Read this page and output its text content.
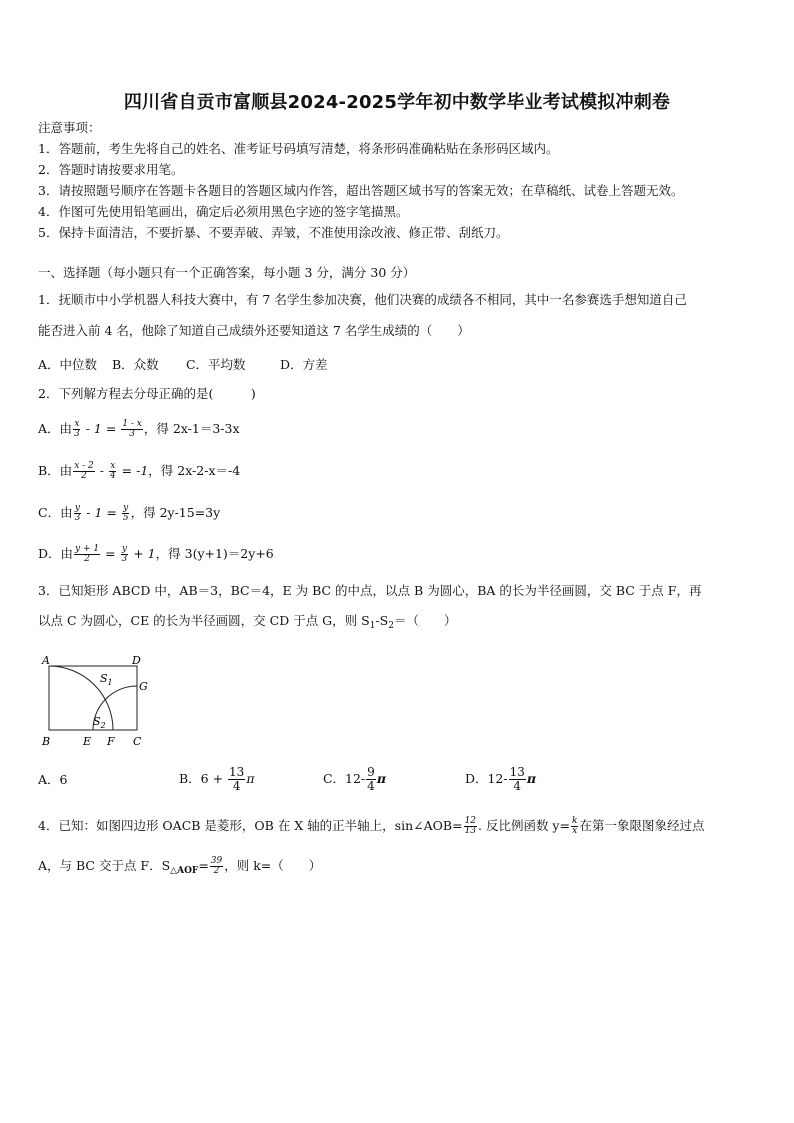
四川省自贡市富顺县2024-2025学年初中数学毕业考试模拟冲刺卷
注意事项：
1．答题前，考生先将自己的姓名、准考证号码填写清楚，将条形码准确粘贴在条形码区域内。
2．答题时请按要求用笔。
3．请按照题号顺序在答题卡各题目的答题区域内作答，超出答题区域书写的答案无效；在草稿纸、试卷上答题无效。
4．作图可先使用铅笔画出，确定后必须用黑色字迹的签字笔描黑。
5．保持卡面清洁，不要折暴、不要弄破、弄皱，不准使用涂改液、修正带、刮纸刀。
一、选择题（每小题只有一个正确答案，每小题 3 分，满分 30 分）
1．抚顺市中小学机器人科技大赛中，有 7 名学生参加决赛，他们决赛的成绩各不相同，其中一名参赛选手想知道自己
能否进入前 4 名，他除了知道自己成绩外还要知道这 7 名学生成绩的（　　）
A．中位数 B．众数 C．平均数	D．方差
2．下列解方程去分母正确的是(　　　)
A．由 $\frac{x}{3} - 1 = \frac{1 - x}{3}$ ，得 2x-1＝3-3x
B．由 $\frac{x - 2}{2} - \frac{x}{4} = -1$，得 2x-2-x＝-4
C．由 $\frac{y}{3} - 1 = \frac{y}{5}$ ，得 2y-15=3y
D．由 $\frac{y + 1}{2} = \frac{y}{3} + 1$，得 3(y+1)＝2y+6
3．已知矩形 ABCD 中，AB＝3，BC＝4，E 为 BC 的中点，以点 B 为圆心，BA 的长为半径画圆，交 BC 于点 F，再
以点 C 为圆心，CE 的长为半径画圆，交 CD 于点 G，则 $S_1-S_2=$（　　）
A	D
G
B	E F C
$S_1$
$S_2$
A．6	B．$6 + \frac{13}{4}$ π	C．$12- \frac{9}{4}$ π	D．$12- \frac{13}{4}$ π
4．已知：如图四边形 OACB 是菱形，OB 在 X 轴的正半轴上，sin∠AOB= $\frac{12}{13}$ . 反比例函数 $y= \frac{k}{x}$ 在第一象限图象经过点
A，与 BC 交于点 F．$S_{\triangle AOF}= \frac{39}{2}$ ，则 k=（　　）
